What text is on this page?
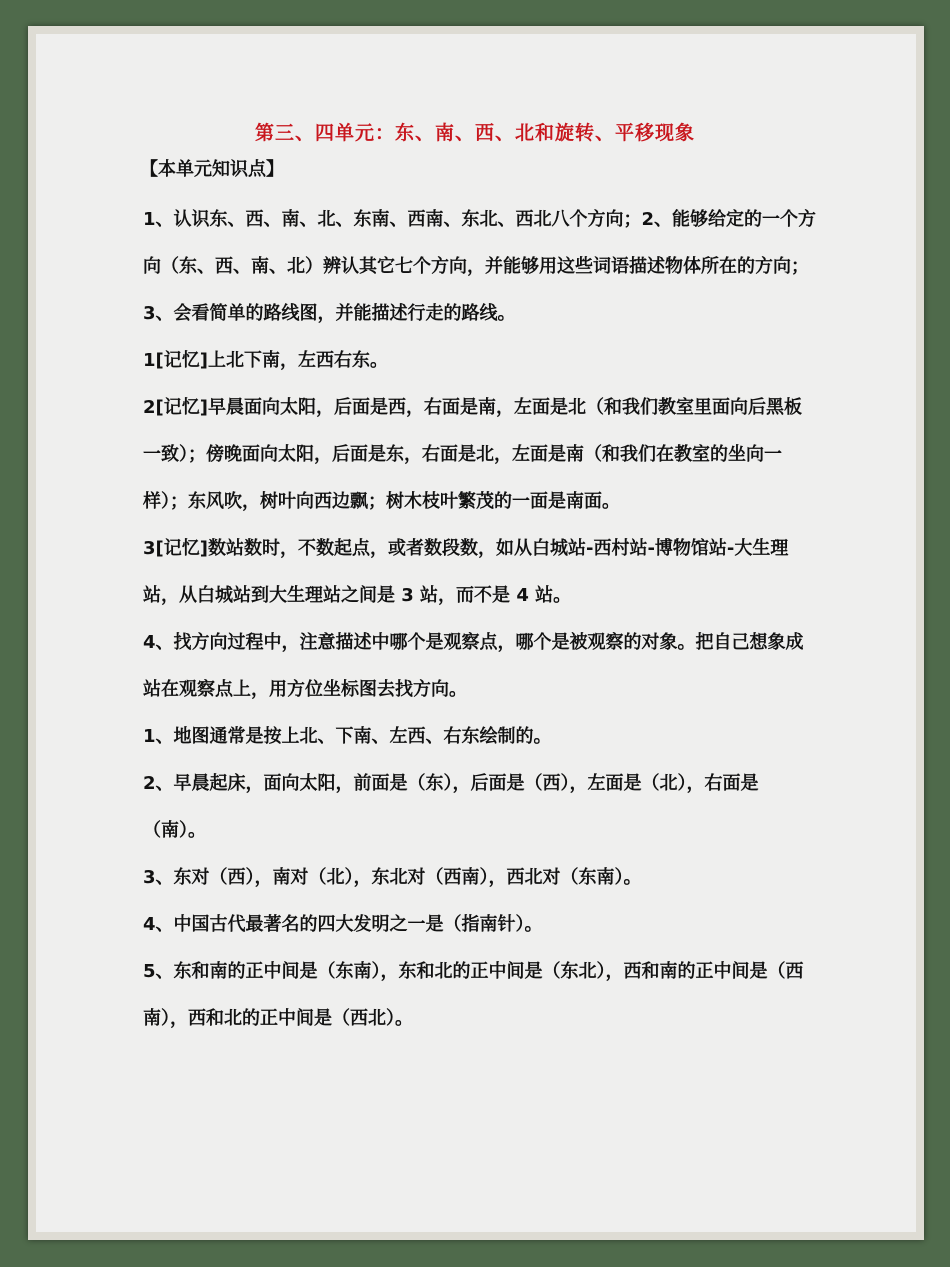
第三、四单元：东、南、西、北和旋转、平移现象
【本单元知识点】

1、认识东、西、南、北、东南、西南、东北、西北八个方向；2、能够给定的一个方向（东、西、南、北）辨认其它七个方向，并能够用这些词语描述物体所在的方向；3、会看简单的路线图，并能描述行走的路线。

1[记忆]上北下南，左西右东。

2[记忆]早晨面向太阳，后面是西，右面是南，左面是北（和我们教室里面向后黑板一致）；傍晚面向太阳，后面是东，右面是北，左面是南（和我们在教室的坐向一样）；东风吹，树叶向西边飘；树木枝叶繁茂的一面是南面。

3[记忆]数站数时，不数起点，或者数段数，如从白城站-西村站-博物馆站-大生理站，从白城站到大生理站之间是 3 站，而不是 4 站。

4、找方向过程中，注意描述中哪个是观察点，哪个是被观察的对象。把自己想象成站在观察点上，用方位坐标图去找方向。

1、地图通常是按上北、下南、左西、右东绘制的。

2、早晨起床，面向太阳，前面是（东），后面是（西），左面是（北），右面是（南）。

3、东对（西），南对（北），东北对（西南），西北对（东南）。

4、中国古代最著名的四大发明之一是（指南针）。

5、东和南的正中间是（东南），东和北的正中间是（东北），西和南的正中间是（西南），西和北的正中间是（西北）。
